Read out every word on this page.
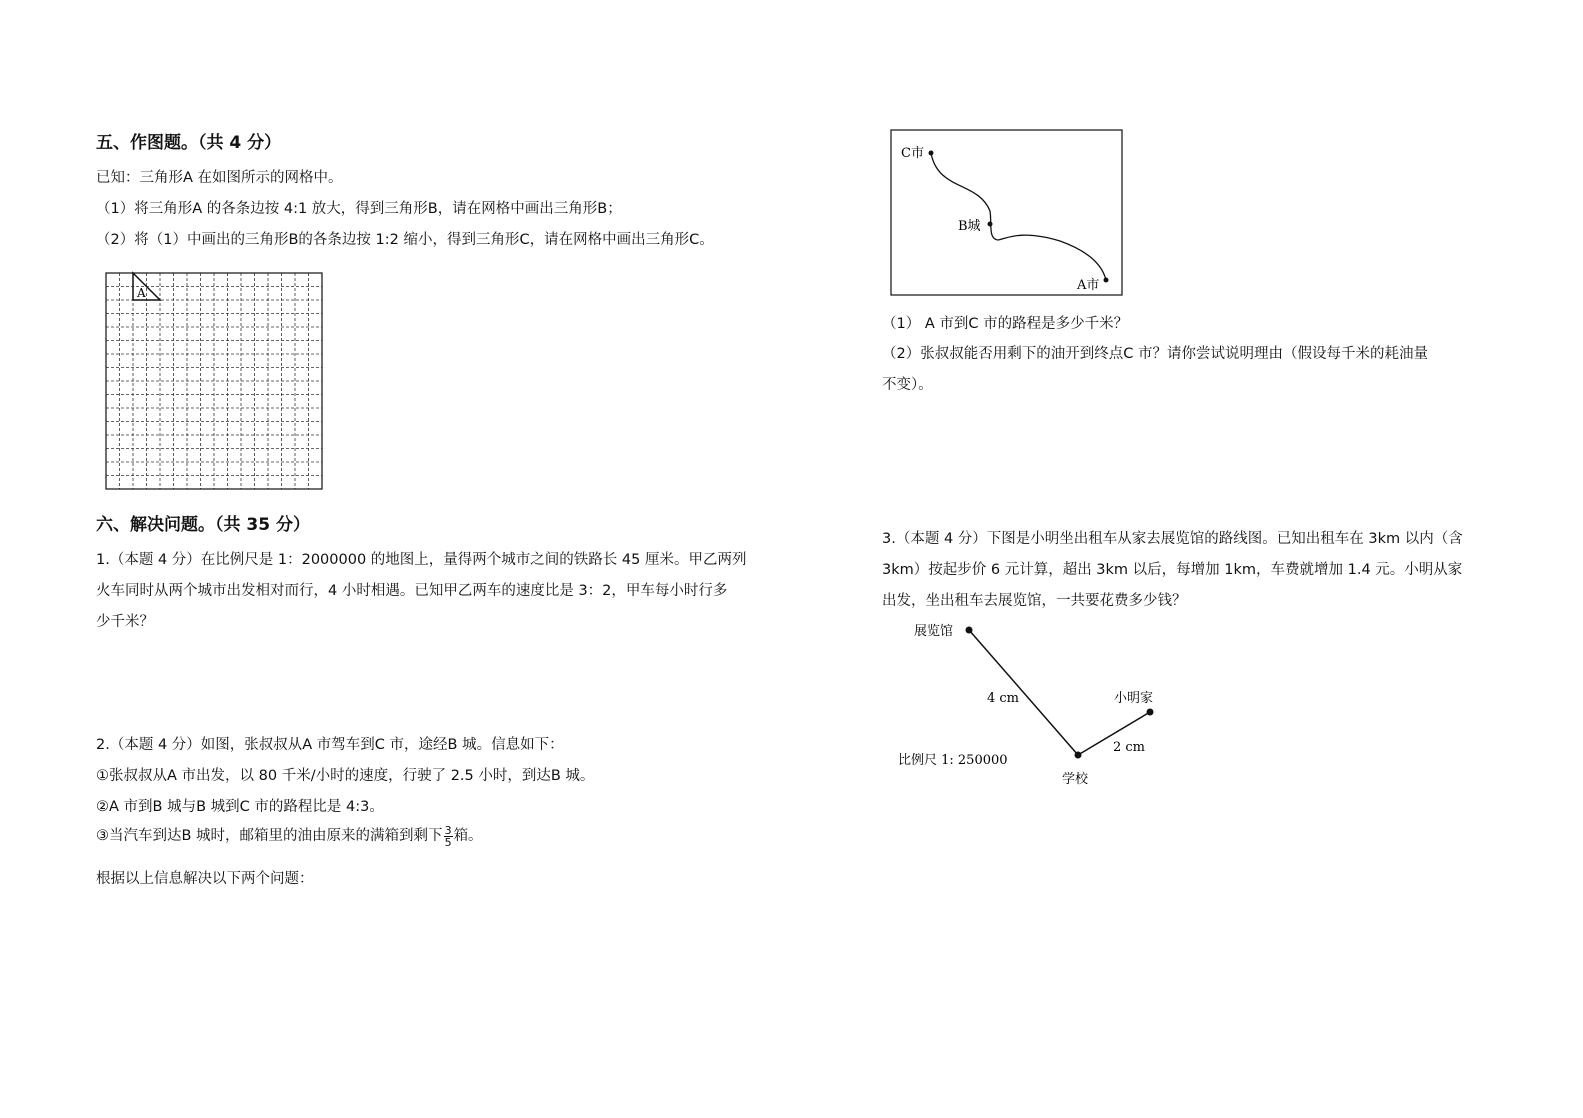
五、作图题。（共 4 分）
已知：三角形A 在如图所示的网格中。
（1）将三角形A 的各条边按 4:1 放大，得到三角形B，请在网格中画出三角形B；
（2）将（1）中画出的三角形B的各条边按 1:2 缩小，得到三角形C，请在网格中画出三角形C。
A
六、解决问题。（共 35 分）
1.（本题 4 分）在比例尺是 1：2000000 的地图上，量得两个城市之间的铁路长 45 厘米。甲乙两列
火车同时从两个城市出发相对而行，4 小时相遇。已知甲乙两车的速度比是 3：2，甲车每小时行多
少千米？
2.（本题 4 分）如图，张叔叔从A 市驾车到C 市，途经B 城。信息如下：
①张叔叔从A 市出发，以 80 千米/小时的速度，行驶了 2.5 小时，到达B 城。
②A 市到B 城与B 城到C 市的路程比是 4:3。
③当汽车到达B 城时，邮箱里的油由原来的满箱到剩下 $\frac{3}{5}$ 箱。
根据以上信息解决以下两个问题：
C市
B城
A市
（1） A 市到C 市的路程是多少千米？
（2）张叔叔能否用剩下的油开到终点C 市？请你尝试说明理由（假设每千米的耗油量
不变）。
3.（本题 4 分）下图是小明坐出租车从家去展览馆的路线图。已知出租车在 3km 以内（含
3km）按起步价 6 元计算，超出 3km 以后，每增加 1km，车费就增加 1.4 元。小明从家
出发，坐出租车去展览馆，一共要花费多少钱？
展览馆
小明家
学校
4 cm
2 cm
比例尺 1: 250000
